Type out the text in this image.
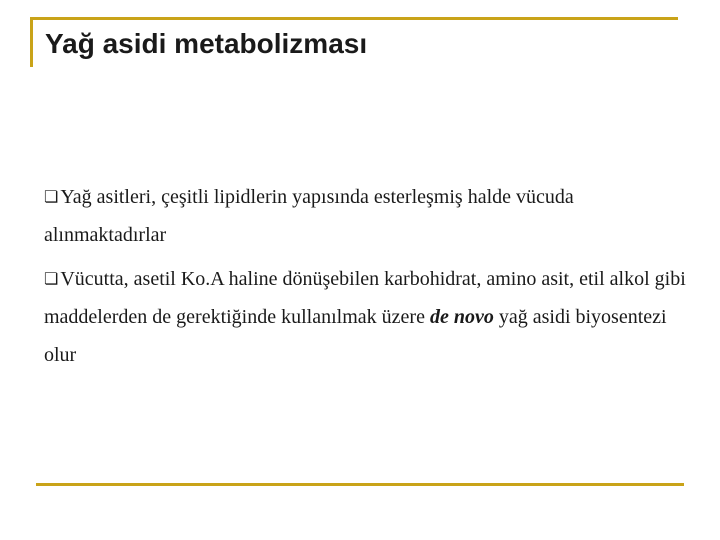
Yağ asidi metabolizması

❏ Yağ asitleri, çeşitli lipidlerin yapısında esterleşmiş halde vücuda alınmaktadırlar

❏ Vücutta, asetil Ko.A haline dönüşebilen karbohidrat, amino asit, etil alkol gibi maddelerden de gerektiğinde kullanılmak üzere de novo yağ asidi biyosentezi olur
